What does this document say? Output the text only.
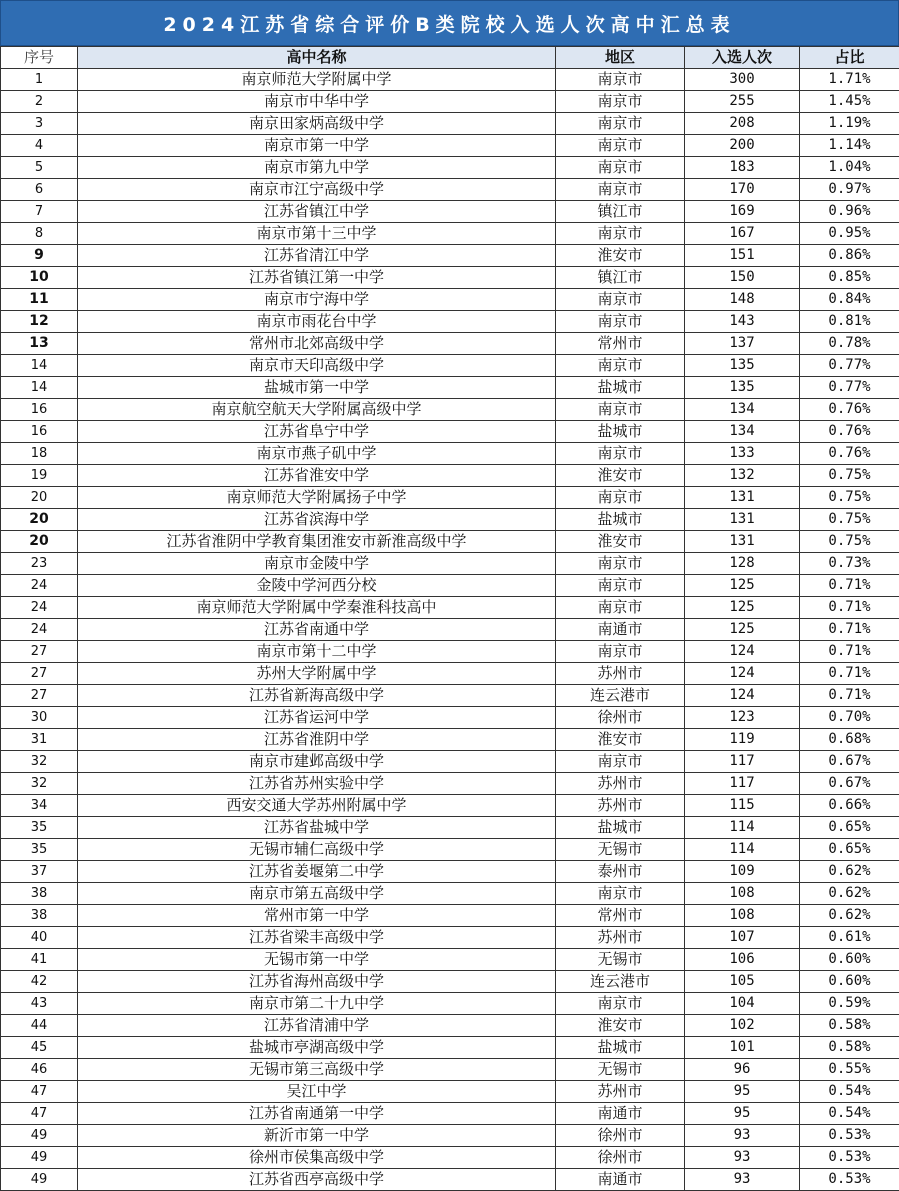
2024江苏省综合评价B类院校入选人次高中汇总表
序号	高中名称	地区	入选人次	占比
1	南京师范大学附属中学	南京市	300	1.71%
2	南京市中华中学	南京市	255	1.45%
3	南京田家炳高级中学	南京市	208	1.19%
4	南京市第一中学	南京市	200	1.14%
5	南京市第九中学	南京市	183	1.04%
6	南京市江宁高级中学	南京市	170	0.97%
7	江苏省镇江中学	镇江市	169	0.96%
8	南京市第十三中学	南京市	167	0.95%
9	江苏省清江中学	淮安市	151	0.86%
10	江苏省镇江第一中学	镇江市	150	0.85%
11	南京市宁海中学	南京市	148	0.84%
12	南京市雨花台中学	南京市	143	0.81%
13	常州市北郊高级中学	常州市	137	0.78%
14	南京市天印高级中学	南京市	135	0.77%
14	盐城市第一中学	盐城市	135	0.77%
16	南京航空航天大学附属高级中学	南京市	134	0.76%
16	江苏省阜宁中学	盐城市	134	0.76%
18	南京市燕子矶中学	南京市	133	0.76%
19	江苏省淮安中学	淮安市	132	0.75%
20	南京师范大学附属扬子中学	南京市	131	0.75%
20	江苏省滨海中学	盐城市	131	0.75%
20	江苏省淮阴中学教育集团淮安市新淮高级中学	淮安市	131	0.75%
23	南京市金陵中学	南京市	128	0.73%
24	金陵中学河西分校	南京市	125	0.71%
24	南京师范大学附属中学秦淮科技高中	南京市	125	0.71%
24	江苏省南通中学	南通市	125	0.71%
27	南京市第十二中学	南京市	124	0.71%
27	苏州大学附属中学	苏州市	124	0.71%
27	江苏省新海高级中学	连云港市	124	0.71%
30	江苏省运河中学	徐州市	123	0.70%
31	江苏省淮阴中学	淮安市	119	0.68%
32	南京市建邺高级中学	南京市	117	0.67%
32	江苏省苏州实验中学	苏州市	117	0.67%
34	西安交通大学苏州附属中学	苏州市	115	0.66%
35	江苏省盐城中学	盐城市	114	0.65%
35	无锡市辅仁高级中学	无锡市	114	0.65%
37	江苏省姜堰第二中学	泰州市	109	0.62%
38	南京市第五高级中学	南京市	108	0.62%
38	常州市第一中学	常州市	108	0.62%
40	江苏省梁丰高级中学	苏州市	107	0.61%
41	无锡市第一中学	无锡市	106	0.60%
42	江苏省海州高级中学	连云港市	105	0.60%
43	南京市第二十九中学	南京市	104	0.59%
44	江苏省清浦中学	淮安市	102	0.58%
45	盐城市亭湖高级中学	盐城市	101	0.58%
46	无锡市第三高级中学	无锡市	96	0.55%
47	吴江中学	苏州市	95	0.54%
47	江苏省南通第一中学	南通市	95	0.54%
49	新沂市第一中学	徐州市	93	0.53%
49	徐州市侯集高级中学	徐州市	93	0.53%
49	江苏省西亭高级中学	南通市	93	0.53%
